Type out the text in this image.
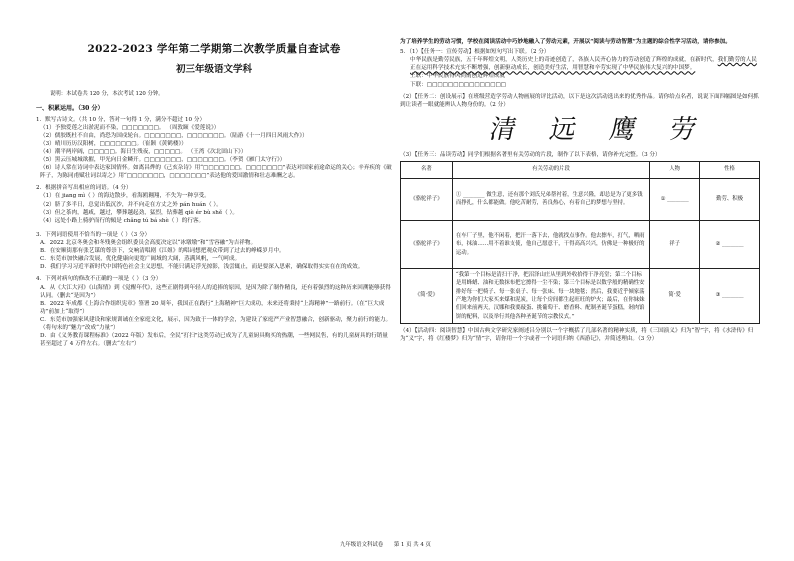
2022-2023 学年第二学期第二次教学质量自查试卷
初三年级语文学科
说明：本试卷共 120 分，本次考试 120 分钟。
一、积累运用。（30 分）
1．默写古诗文。（共 10 分，答对一句得 1 分，满分不超过 10 分）
（1）予独爱莲之出淤泥而不染，□□□□□□□。 （周敦颐《爱莲说》）
（2）儒胶既杜不自由，尚恐为国戍轮台。□□□□□□□，□□□□□□□。（陆游《十一月四日风雨大作》）
（3）晴川历历汉阳树，□□□□□□□。（崔颢《黄鹤楼》）
（4）潮平两岸阔，□□□□□。海日生残夜，□□□□□。 （王湾《次北固山下》）
（5）黑云压城城欲摧，甲光向日金鳞开。□□□□□□□，□□□□□□□。（李贺《雁门太守行》）
（6）诗人常在诗词中表达家国情怀。如离昌烨的《己亥杂诗》用“□□□□□□□，□□□□□□□”表达对国家前途命运的关心；辛弃疾的《破阵子，为陈同甫赋壮词以寄之》用“□□□□□□□，□□□□□□□”表达他的爱国激情和壮志难酬之志。
2．根据拼音写出相应的词语。（4 分）
（1）在 jiang mì（ ）的海边散步，看海鸥翱翔，不失为一种享受。
（2）脐了多半日，总觉出低沉沙，并不向走在方丈之外 pán huán（ ）。
（3）但之茶肉，越咸，越过，攀葬越起劲，猛烈，钻葬越 qiè ér bù shě（ ）。
（4）远处小路上骑驴而行的傾是 chǎng tú bá shè（ ）的行客。
3．下列词语使用不恰当的一项是（ ）（3 分）
A．2022 北京冬奥会和冬残奥会组织委员会高度决定以“冰墩墩”和“雪容融”为吉祥物。
B．在安顺街那有张艺谋的尊崇下，交响清唱剧《江姐》的唱词想把观众带到了过去的峥嵘岁月中。
C．东莞市加快融合发展，优化健康向更宽广阔域的大阔，蒸满风帆，一气呵成。
D．我们学习习近平新时代中国特色社会主义思想，不能只满足浮光掠影，浅尝辄止，而是要深入思索，确保取得实实在在的成效。
4．下列对病句的修改不正确的一项是（ ）（3 分）
A．从《大江大河》《山海情》到《觉醒年代》，这些正剧得到年轻人的追捧的原因，是因为除了制作精良，还有着强烈的这种历来回溯能够获得认同。（删去“是因为”）
B．2022 年成都《上海合作组织宪章》签署 20 周年，我国正在践行“上海精神”巨大成功，未来还将秉持“上海精神”一路前行。（在“巨大成功”前加上“取得”）
C．东莞市加强家风建设和家规训诫在全家庭文化，展示，因为致于一体的学会，为建设了家庭严产业智慧融合，创新驱动，聚力前行的能力。（将句末的“魅力”改成“力量”）
D．由《义务教育课程标准》（2022 年版）发布后，全民“打扫”这类劳动已成为了儿童厨具购买的热潮，一些网民售，有的儿童厨具的行销量甚至超过了 4 万件左右。（删去“左右”）
为了培养学生的劳动习惯，学校在阅读活动中巧妙地融入了劳动元素，开展以“阅读与劳动智慧”为主题的综合性学习活动，请你参加。
5．（1）【任务一：宣传劳动】根据如短句写出下联。（2 分）
中华民族是勤劳民族，五千年辉煌文明，人类历史上的奇迹创造了，各族人民齐心协力的劳动创造了辉煌的成就，在新时代，我们勤劳的人民正在运用科学技术充实不断增强，创新驱动成长，创造美好生活，用智慧和辛劳实现了中华民族伟大复兴的中国梦。
上联：中华民族得风尚南创造辉煌成就
下联：□□□□□□□□□□□□□□□
（2）【任务二：创设展示】在班级营造学劳动人物画展的评比活动，以下是这次活动选出来的优秀作品。请你给点名者，说说下面四幅图是如何抓到让读者一眼就能辨认人物身份的。（2 分）
清 远 鹰 劳
（3）【任务三：品读劳动】同学们根据名著里有关劳动的片段，制作了以下表格，请你补充完整。（3 分）
名著	有关劳动的片段	人物	性格
《骆驼祥子》	① ________ 做生意，还有那个刘氏兄弟帮衬着，生意兴隆，却总是为了更多钱而挣扎，什么都能做。他吃苦耐劳，善良热心，有着自己的梦想与坚持。	① ________	勤劳、积极
《骆驼祥子》	在车厂子里，他不闲着，把汗一落下去，他就找点事作。他去擦车，打气，晒雨布，抹油……用不着谁支使，他自己愿意干，干得高高兴兴，仿佛是一种极好的运动。	祥子	② ________
《简·爱》	“我第一个目标是清扫干净，把沼泽山庄从里到外收拾得干净亮堂；第二个目标是用蜂蜡、油和无数抹布把它擦得一尘不染；第三个目标是以数学般的精确性安排好每一把椅子、每一张桌子、每一张床、每一块地毯；然后，我要近乎倾家荡产地为你们大家买来煤和泥炭，让每个房间都生起旺旺的炉火；最后，在你妹妹们回来前两天，汉娜和我要敲蛋、挑葡萄干、磨香料、配制圣诞节蛋糕，剁肉馅饼的配料，以及举行其他各种圣诞节的宗教仪式。”	简·爱	③ ________
（4）【活动四：阅读智慧】中国古典文学研究家阐述吕分别以一个字概括了几部名著的精神实质，将《三国演义》归为“智”字，将《水浒传》归为“义”字，将《红楼梦》归为“情”字，请你用一个字或者一个词语归纳《西游记》，并简述理由。（3 分）
九年级语文科试卷　　第 1 页 共 4 页
